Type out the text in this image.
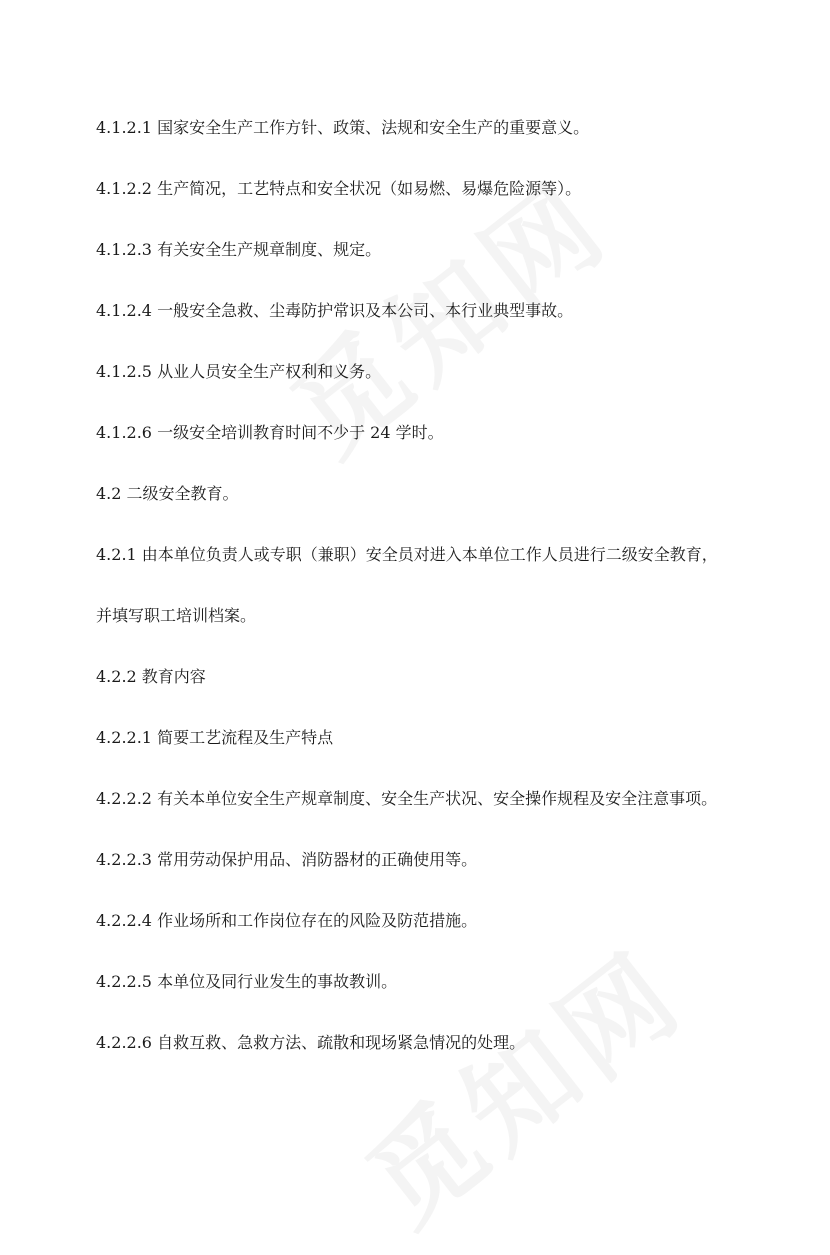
4.1.2.1 国家安全生产工作方针、政策、法规和安全生产的重要意义。

4.1.2.2 生产简况，工艺特点和安全状况（如易燃、易爆危险源等）。

4.1.2.3 有关安全生产规章制度、规定。

4.1.2.4 一般安全急救、尘毒防护常识及本公司、本行业典型事故。

4.1.2.5 从业人员安全生产权利和义务。

4.1.2.6 一级安全培训教育时间不少于 24 学时。

4.2 二级安全教育。

4.2.1 由本单位负责人或专职（兼职）安全员对进入本单位工作人员进行二级安全教育，
并填写职工培训档案。

4.2.2 教育内容

4.2.2.1 简要工艺流程及生产特点

4.2.2.2 有关本单位安全生产规章制度、安全生产状况、安全操作规程及安全注意事项。

4.2.2.3 常用劳动保护用品、消防器材的正确使用等。

4.2.2.4 作业场所和工作岗位存在的风险及防范措施。

4.2.2.5 本单位及同行业发生的事故教训。

4.2.2.6 自救互救、急救方法、疏散和现场紧急情况的处理。
